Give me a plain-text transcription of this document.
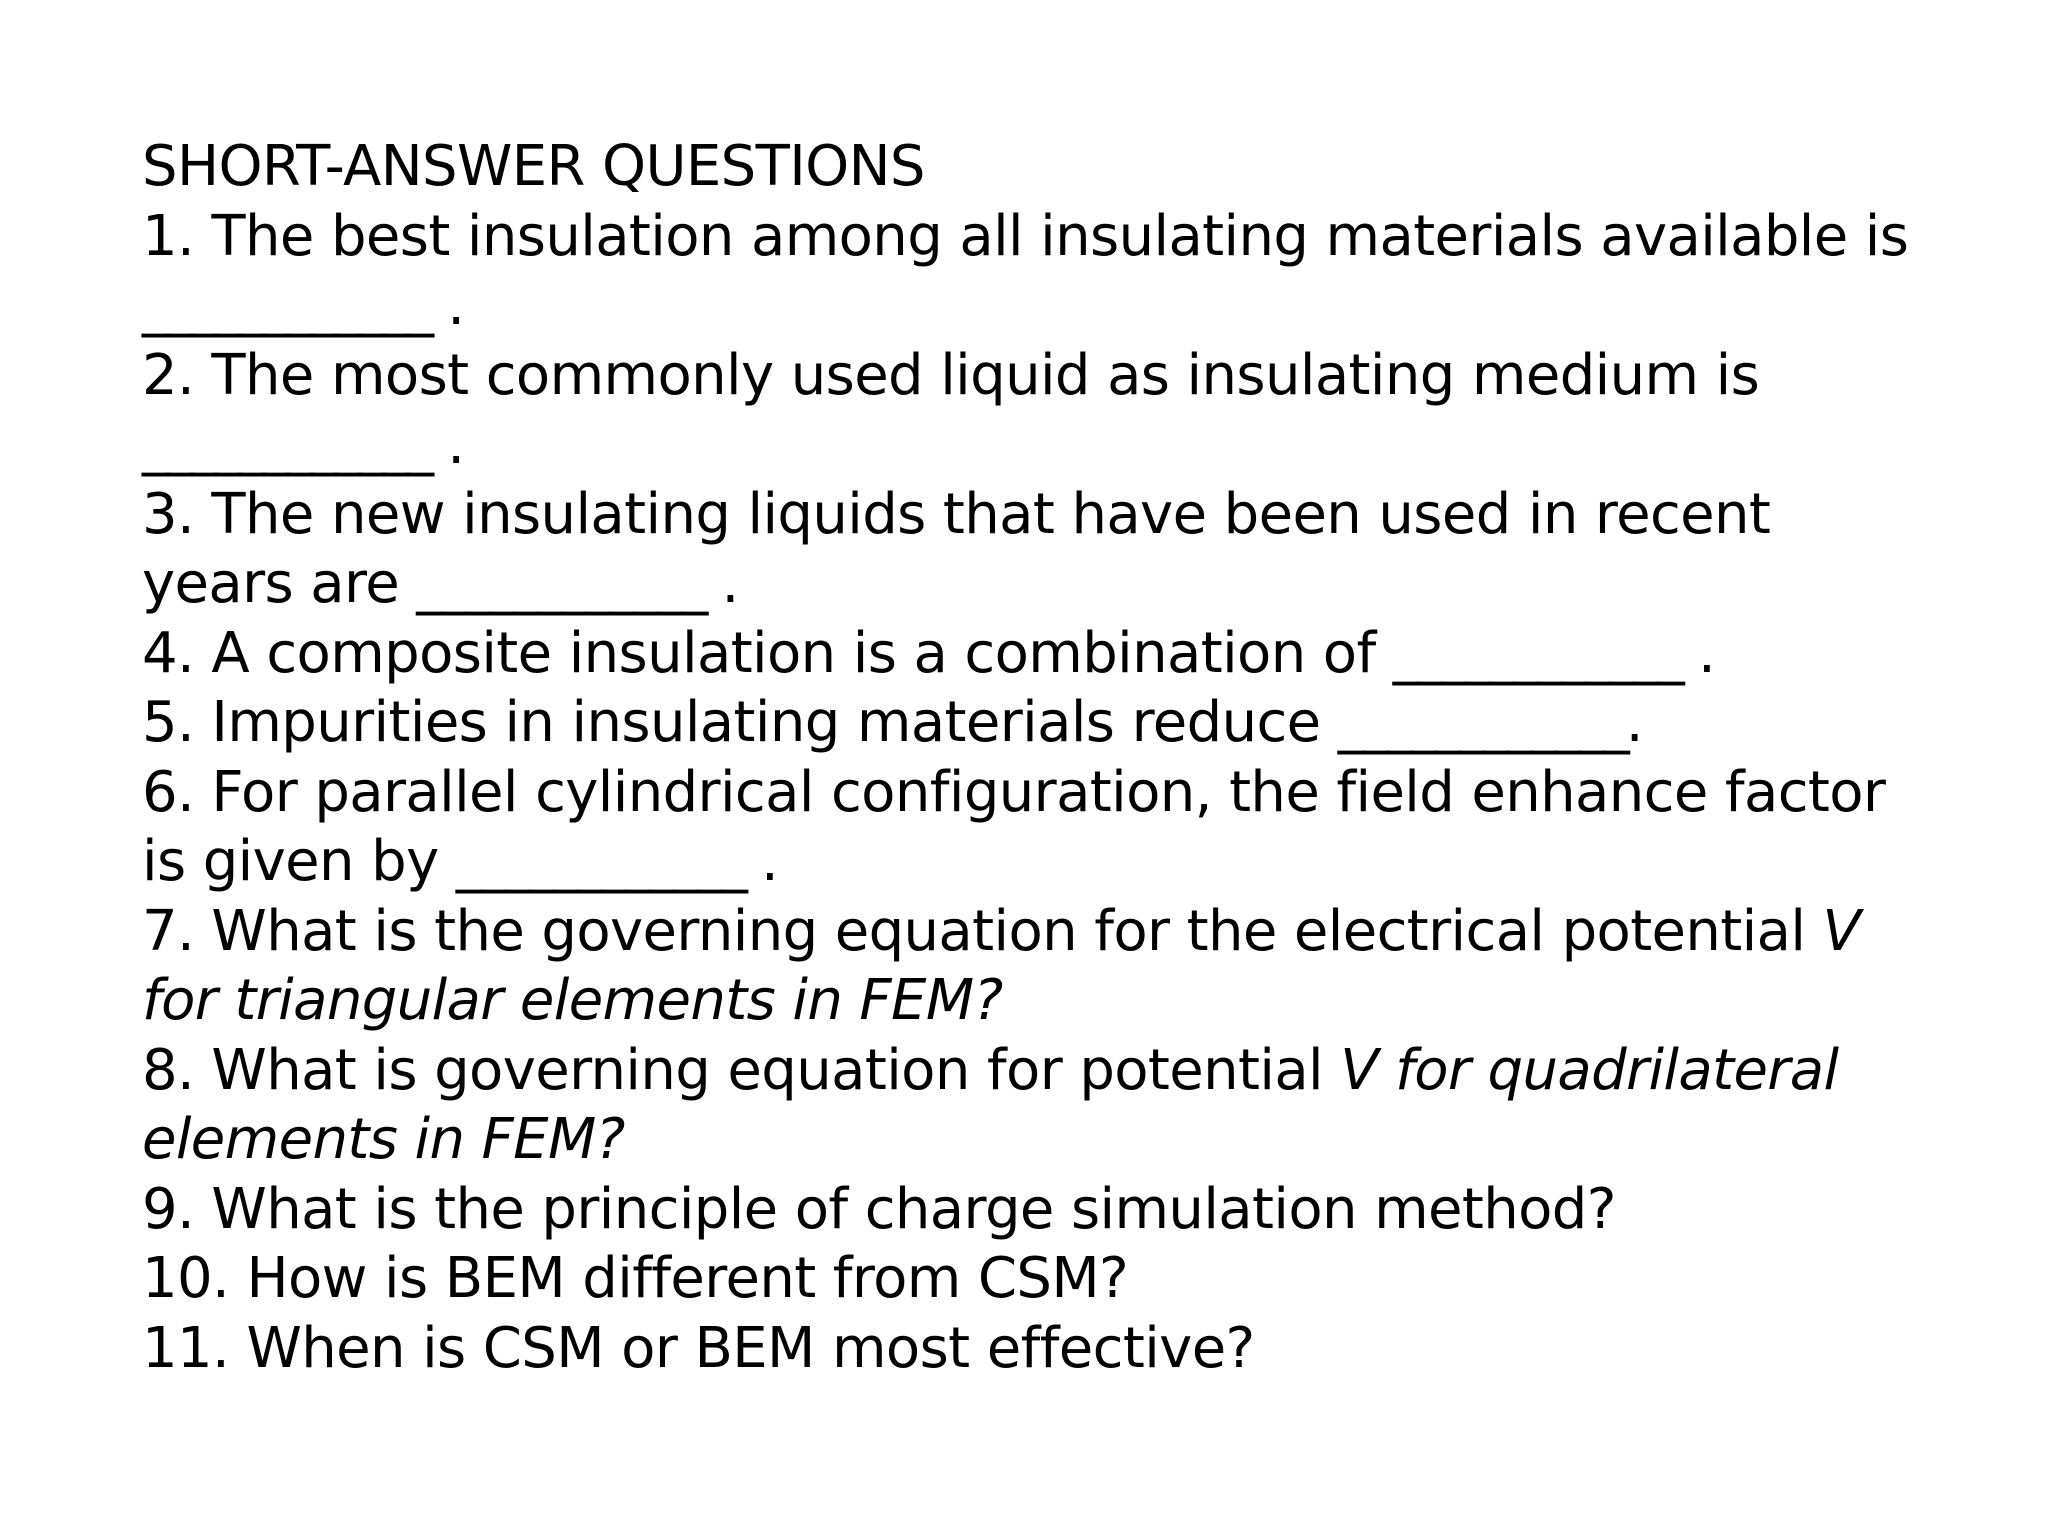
SHORT-ANSWER QUESTIONS
1. The best insulation among all insulating materials available is
____________ .
2. The most commonly used liquid as insulating medium is
____________ .
3. The new insulating liquids that have been used in recent
years are ____________ .
4. A composite insulation is a combination of ____________ .
5. Impurities in insulating materials reduce ____________.
6. For parallel cylindrical configuration, the field enhance factor
is given by ____________ .
7. What is the governing equation for the electrical potential V
for triangular elements in FEM?
8. What is governing equation for potential V for quadrilateral
elements in FEM?
9. What is the principle of charge simulation method?
10. How is BEM different from CSM?
11. When is CSM or BEM most effective?
